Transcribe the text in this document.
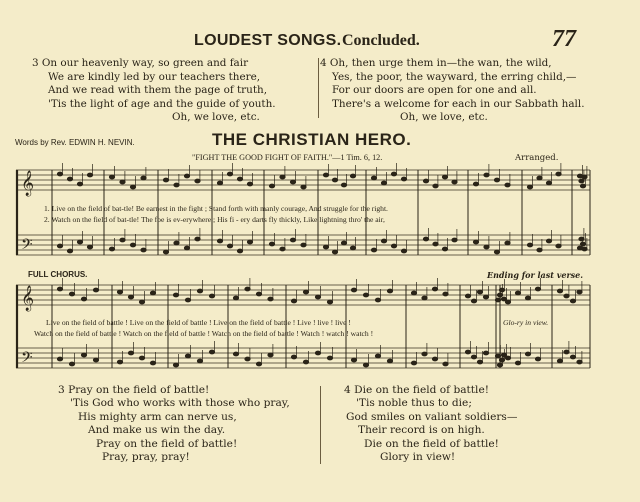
LOUDEST SONGS. Concluded.	77
3 On our heavenly way, so green and fair
We are kindly led by our teachers there,
And we read with them the page of truth,
'Tis the light of age and the guide of youth.
Oh, we love, etc.
4 Oh, then urge them in—the wan, the wild,
Yes, the poor, the wayward, the erring child,—
For our doors are open for one and all.
There's a welcome for each in our Sabbath hall.
Oh, we love, etc.
Words by Rev. EDWIN H. NEVIN.	THE CHRISTIAN HERO.
"FIGHT THE GOOD FIGHT OF FAITH."—1 Tim. 6, 12.	Arranged.
𝄞
𝄢
𝄞
𝄢
1. Live on the field of bat-tle! Be earnest in the fight ; Stand forth with manly courage, And struggle for the right.
2. Watch on the field of bat-tle! The foe is ev-erywhere ; His fi - ery darts fly thickly, Like lightning thro' the air,
FULL CHORUS.	Ending for last verse.
Live on the field of battle ! Live on the field of battle ! Live on the field of battle ! Live ! live ! live !	Glo-ry in view.
Watch on the field of battle ! Watch on the field of battle ! Watch on the field of battle ! Watch ! watch ! watch !
3 Pray on the field of battle!
'Tis God who works with those who pray,
His mighty arm can nerve us,
And make us win the day.
Pray on the field of battle!
Pray, pray, pray!
4 Die on the field of battle!
'Tis noble thus to die;
God smiles on valiant soldiers—
Their record is on high.
Die on the field of battle!
Glory in view!
